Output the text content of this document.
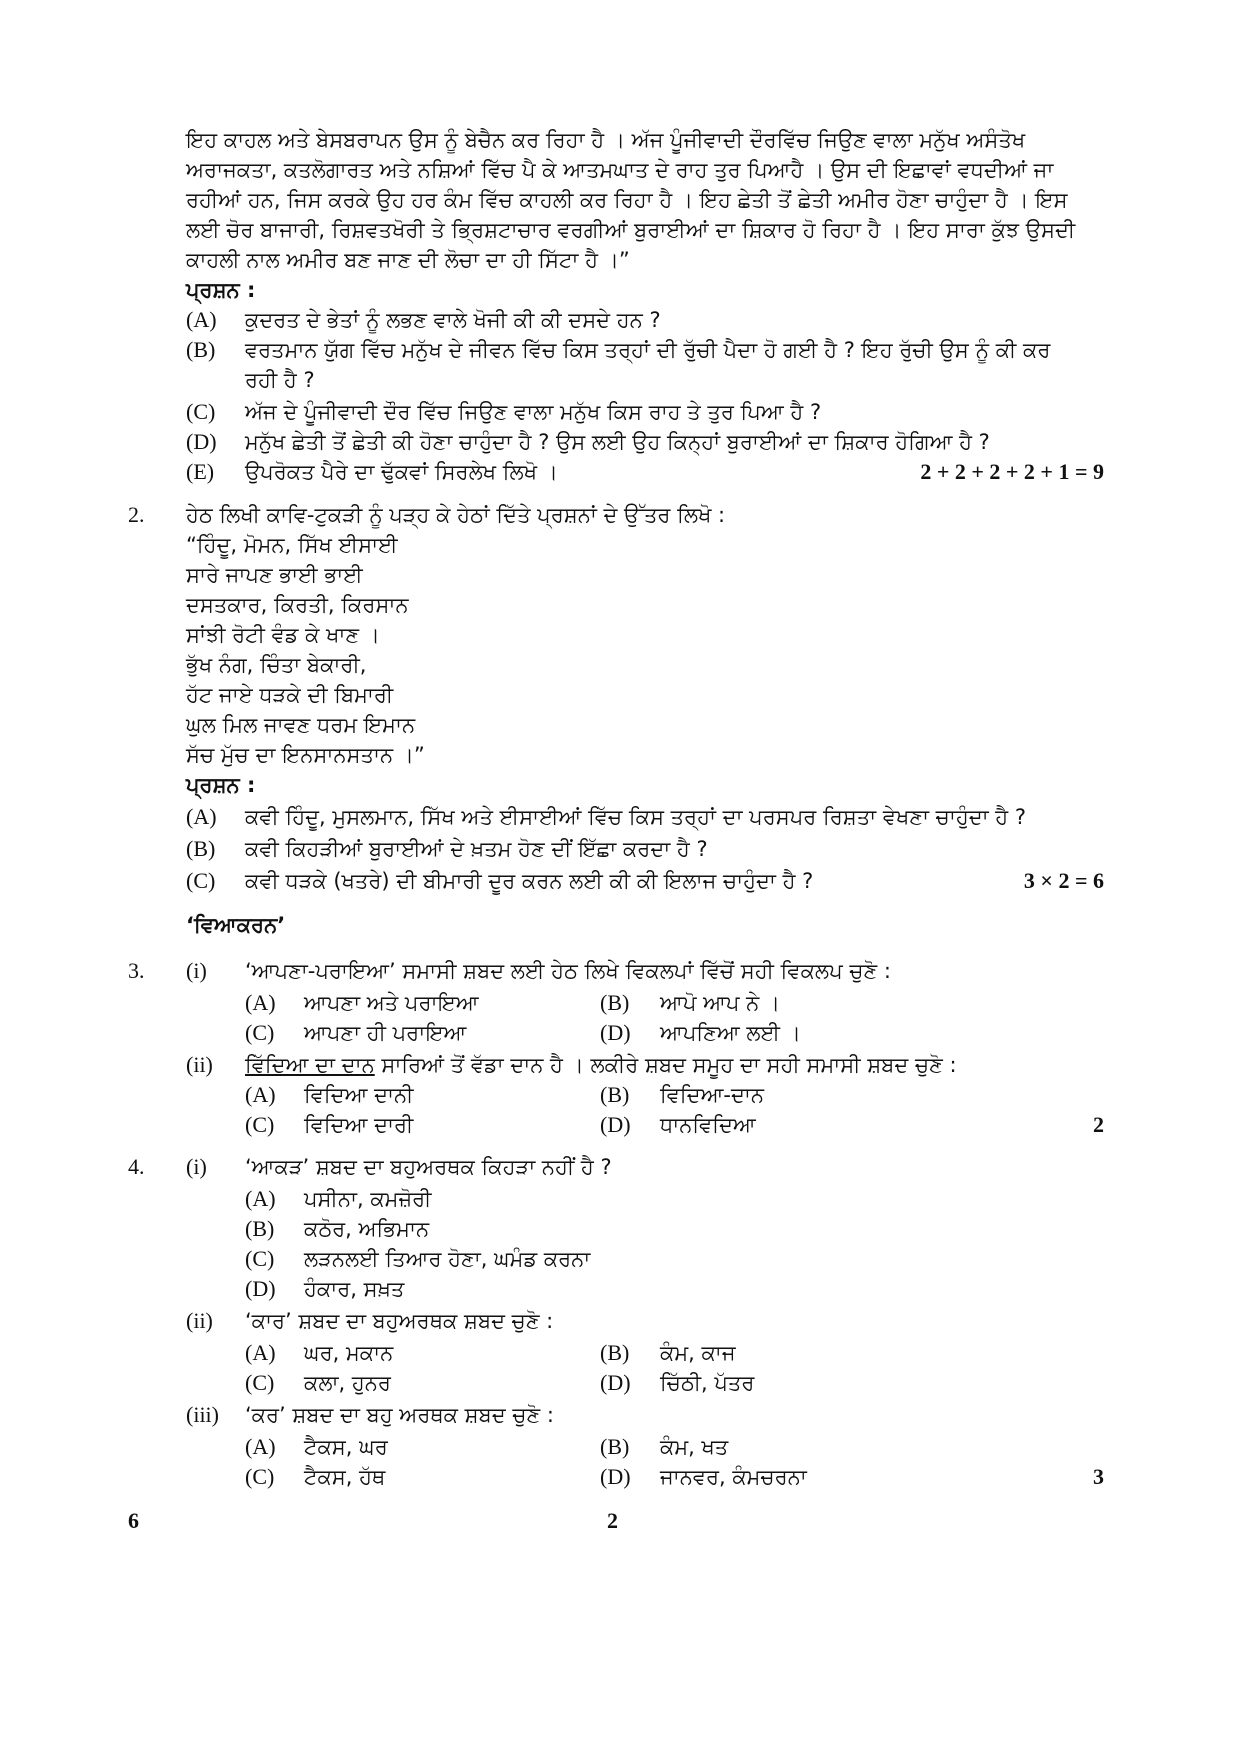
ਇਹ ਕਾਹਲ ਅਤੇ ਬੇਸਬਰਾਪਨ ਉਸ ਨੂੰ ਬੇਚੈਨ ਕਰ ਰਿਹਾ ਹੈ । ਅੱਜ ਪੂੰਜੀਵਾਦੀ ਦੌਰਵਿੱਚ ਜਿਉਣ ਵਾਲਾ ਮਨੁੱਖ ਅਸੰਤੋਖ
ਅਰਾਜਕਤਾ, ਕਤਲੋਗਾਰਤ ਅਤੇ ਨਸ਼ਿਆਂ ਵਿੱਚ ਪੈ ਕੇ ਆਤਮਘਾਤ ਦੇ ਰਾਹ ਤੁਰ ਪਿਆਹੈ । ਉਸ ਦੀ ਇਛਾਵਾਂ ਵਧਦੀਆਂ ਜਾ
ਰਹੀਆਂ ਹਨ, ਜਿਸ ਕਰਕੇ ਉਹ ਹਰ ਕੰਮ ਵਿੱਚ ਕਾਹਲੀ ਕਰ ਰਿਹਾ ਹੈ । ਇਹ ਛੇਤੀ ਤੋਂ ਛੇਤੀ ਅਮੀਰ ਹੋਣਾ ਚਾਹੁੰਦਾ ਹੈ । ਇਸ
ਲਈ ਚੋਰ ਬਾਜਾਰੀ, ਰਿਸ਼ਵਤਖੋਰੀ ਤੇ ਭ੍ਰਿਸ਼ਟਾਚਾਰ ਵਰਗੀਆਂ ਬੁਰਾਈਆਂ ਦਾ ਸ਼ਿਕਾਰ ਹੋ ਰਿਹਾ ਹੈ । ਇਹ ਸਾਰਾ ਕੁੱਝ ਉਸਦੀ
ਕਾਹਲੀ ਨਾਲ ਅਮੀਰ ਬਣ ਜਾਣ ਦੀ ਲੋਚਾ ਦਾ ਹੀ ਸਿੱਟਾ ਹੈ ।”
ਪ੍ਰਸ਼ਨ :
(A) ਕੁਦਰਤ ਦੇ ਭੇਤਾਂ ਨੂੰ ਲਭਣ ਵਾਲੇ ਖੋਜੀ ਕੀ ਕੀ ਦਸਦੇ ਹਨ ?
(B) ਵਰਤਮਾਨ ਯੁੱਗ ਵਿੱਚ ਮਨੁੱਖ ਦੇ ਜੀਵਨ ਵਿੱਚ ਕਿਸ ਤਰ੍ਹਾਂ ਦੀ ਰੁੱਚੀ ਪੈਦਾ ਹੋ ਗਈ ਹੈ ? ਇਹ ਰੁੱਚੀ ਉਸ ਨੂੰ ਕੀ ਕਰ
ਰਹੀ ਹੈ ?
(C) ਅੱਜ ਦੇ ਪੂੰਜੀਵਾਦੀ ਦੌਰ ਵਿੱਚ ਜਿਉਣ ਵਾਲਾ ਮਨੁੱਖ ਕਿਸ ਰਾਹ ਤੇ ਤੁਰ ਪਿਆ ਹੈ ?
(D) ਮਨੁੱਖ ਛੇਤੀ ਤੋਂ ਛੇਤੀ ਕੀ ਹੋਣਾ ਚਾਹੁੰਦਾ ਹੈ ? ਉਸ ਲਈ ਉਹ ਕਿਨ੍ਹਾਂ ਬੁਰਾਈਆਂ ਦਾ ਸ਼ਿਕਾਰ ਹੋਗਿਆ ਹੈ ?
(E) ਉਪਰੋਕਤ ਪੈਰੇ ਦਾ ਢੁੱਕਵਾਂ ਸਿਰਲੇਖ ਲਿਖੋ ।	2 + 2 + 2 + 2 + 1 = 9
2. ਹੇਠ ਲਿਖੀ ਕਾਵਿ-ਟੁਕੜੀ ਨੂੰ ਪੜ੍ਹ ਕੇ ਹੇਠਾਂ ਦਿੱਤੇ ਪ੍ਰਸ਼ਨਾਂ ਦੇ ਉੱਤਰ ਲਿਖੋ :
“ਹਿੰਦੂ, ਮੋਮਨ, ਸਿੱਖ ਈਸਾਈ
ਸਾਰੇ ਜਾਪਣ ਭਾਈ ਭਾਈ
ਦਸਤਕਾਰ, ਕਿਰਤੀ, ਕਿਰਸਾਨ
ਸਾਂਝੀ ਰੋਟੀ ਵੰਡ ਕੇ ਖਾਣ ।
ਭੁੱਖ ਨੰਗ, ਚਿੰਤਾ ਬੇਕਾਰੀ,
ਹੱਟ ਜਾਏ ਧੜਕੇ ਦੀ ਬਿਮਾਰੀ
ਘੁਲ ਮਿਲ ਜਾਵਣ ਧਰਮ ਇਮਾਨ
ਸੱਚ ਮੁੱਚ ਦਾ ਇਨਸਾਨਸਤਾਨ ।”
ਪ੍ਰਸ਼ਨ :
(A) ਕਵੀ ਹਿੰਦੂ, ਮੁਸਲਮਾਨ, ਸਿੱਖ ਅਤੇ ਈਸਾਈਆਂ ਵਿੱਚ ਕਿਸ ਤਰ੍ਹਾਂ ਦਾ ਪਰਸਪਰ ਰਿਸ਼ਤਾ ਵੇਖਣਾ ਚਾਹੁੰਦਾ ਹੈ ?
(B) ਕਵੀ ਕਿਹੜੀਆਂ ਬੁਰਾਈਆਂ ਦੇ ਖ਼ਤਮ ਹੋਣ ਦੀਂ ਇੱਛਾ ਕਰਦਾ ਹੈ ?
(C) ਕਵੀ ਧੜਕੇ (ਖਤਰੇ) ਦੀ ਬੀਮਾਰੀ ਦੂਰ ਕਰਨ ਲਈ ਕੀ ਕੀ ਇਲਾਜ ਚਾਹੁੰਦਾ ਹੈ ?	3 × 2 = 6
‘ਵਿਆਕਰਨ’
3. (i) ‘ਆਪਣਾ-ਪਰਾਇਆ’ ਸਮਾਸੀ ਸ਼ਬਦ ਲਈ ਹੇਠ ਲਿਖੇ ਵਿਕਲਪਾਂ ਵਿੱਚੋਂ ਸਹੀ ਵਿਕਲਪ ਚੁਣੋ :
(A) ਆਪਣਾ ਅਤੇ ਪਰਾਇਆ	(B) ਆਪੋ ਆਪ ਨੇ ।
(C) ਆਪਣਾ ਹੀ ਪਰਾਇਆ	(D) ਆਪਣਿਆ ਲਈ ।
(ii) ਵਿੱਦਿਆ ਦਾ ਦਾਨ ਸਾਰਿਆਂ ਤੋਂ ਵੱਡਾ ਦਾਨ ਹੈ । ਲਕੀਰੇ ਸ਼ਬਦ ਸਮੂਹ ਦਾ ਸਹੀ ਸਮਾਸੀ ਸ਼ਬਦ ਚੁਣੋ :
(A) ਵਿਦਿਆ ਦਾਨੀ	(B) ਵਿਦਿਆ-ਦਾਨ
(C) ਵਿਦਿਆ ਦਾਰੀ	(D) ਧਾਨਵਿਦਿਆ	2
4. (i) ‘ਆਕੜ’ ਸ਼ਬਦ ਦਾ ਬਹੁਅਰਥਕ ਕਿਹੜਾ ਨਹੀਂ ਹੈ ?
(A) ਪਸੀਨਾ, ਕਮਜ਼ੋਰੀ
(B) ਕਠੋਰ, ਅਭਿਮਾਨ
(C) ਲੜਨਲਈ ਤਿਆਰ ਹੋਣਾ, ਘਮੰਡ ਕਰਨਾ
(D) ਹੰਕਾਰ, ਸਖ਼ਤ
(ii) ‘ਕਾਰ’ ਸ਼ਬਦ ਦਾ ਬਹੁਅਰਥਕ ਸ਼ਬਦ ਚੁਣੋ :
(A) ਘਰ, ਮਕਾਨ	(B) ਕੰਮ, ਕਾਜ
(C) ਕਲਾ, ਹੁਨਰ	(D) ਚਿੱਠੀ, ਪੱਤਰ
(iii) ‘ਕਰ’ ਸ਼ਬਦ ਦਾ ਬਹੁ ਅਰਥਕ ਸ਼ਬਦ ਚੁਣੋ :
(A) ਟੈਕਸ, ਘਰ	(B) ਕੰਮ, ਖਤ
(C) ਟੈਕਸ, ਹੱਥ	(D) ਜਾਨਵਰ, ਕੰਮਚਰਨਾ	3
6	2
